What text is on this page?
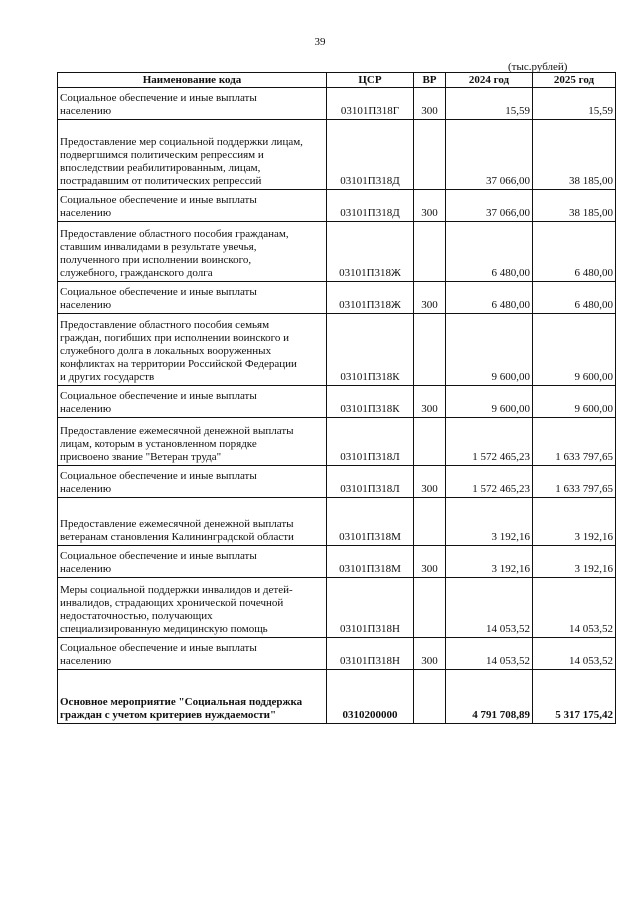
39
(тыс.рублей)
Наименование кода	ЦСР	ВР	2024 год	2025 год

Социальное обеспечение и иные выплаты
населению	03101П318Г	300	15,59	15,59

Предоставление мер социальной поддержки лицам,
подвергшимся политическим репрессиям и
впоследствии реабилитированным, лицам,
пострадавшим от политических репрессий	03101П318Д		37 066,00	38 185,00

Социальное обеспечение и иные выплаты
населению	03101П318Д	300	37 066,00	38 185,00

Предоставление областного пособия гражданам,
ставшим инвалидами в результате увечья,
полученного при исполнении воинского,
служебного, гражданского долга	03101П318Ж		6 480,00	6 480,00

Социальное обеспечение и иные выплаты
населению	03101П318Ж	300	6 480,00	6 480,00

Предоставление областного пособия семьям
граждан, погибших при исполнении воинского и
служебного долга в локальных вооруженных
конфликтах на территории Российской Федерации
и других государств	03101П318К		9 600,00	9 600,00

Социальное обеспечение и иные выплаты
населению	03101П318К	300	9 600,00	9 600,00

Предоставление ежемесячной денежной выплаты
лицам, которым в установленном порядке
присвоено звание "Ветеран труда"	03101П318Л		1 572 465,23	1 633 797,65

Социальное обеспечение и иные выплаты
населению	03101П318Л	300	1 572 465,23	1 633 797,65

Предоставление ежемесячной денежной выплаты
ветеранам становления Калининградской области	03101П318М		3 192,16	3 192,16

Социальное обеспечение и иные выплаты
населению	03101П318М	300	3 192,16	3 192,16

Меры социальной поддержки инвалидов и детей-
инвалидов, страдающих хронической почечной
недостаточностью, получающих
специализированную медицинскую помощь	03101П318Н		14 053,52	14 053,52

Социальное обеспечение и иные выплаты
населению	03101П318Н	300	14 053,52	14 053,52

Основное мероприятие "Социальная поддержка
граждан с учетом критериев нуждаемости"	0310200000		4 791 708,89	5 317 175,42
